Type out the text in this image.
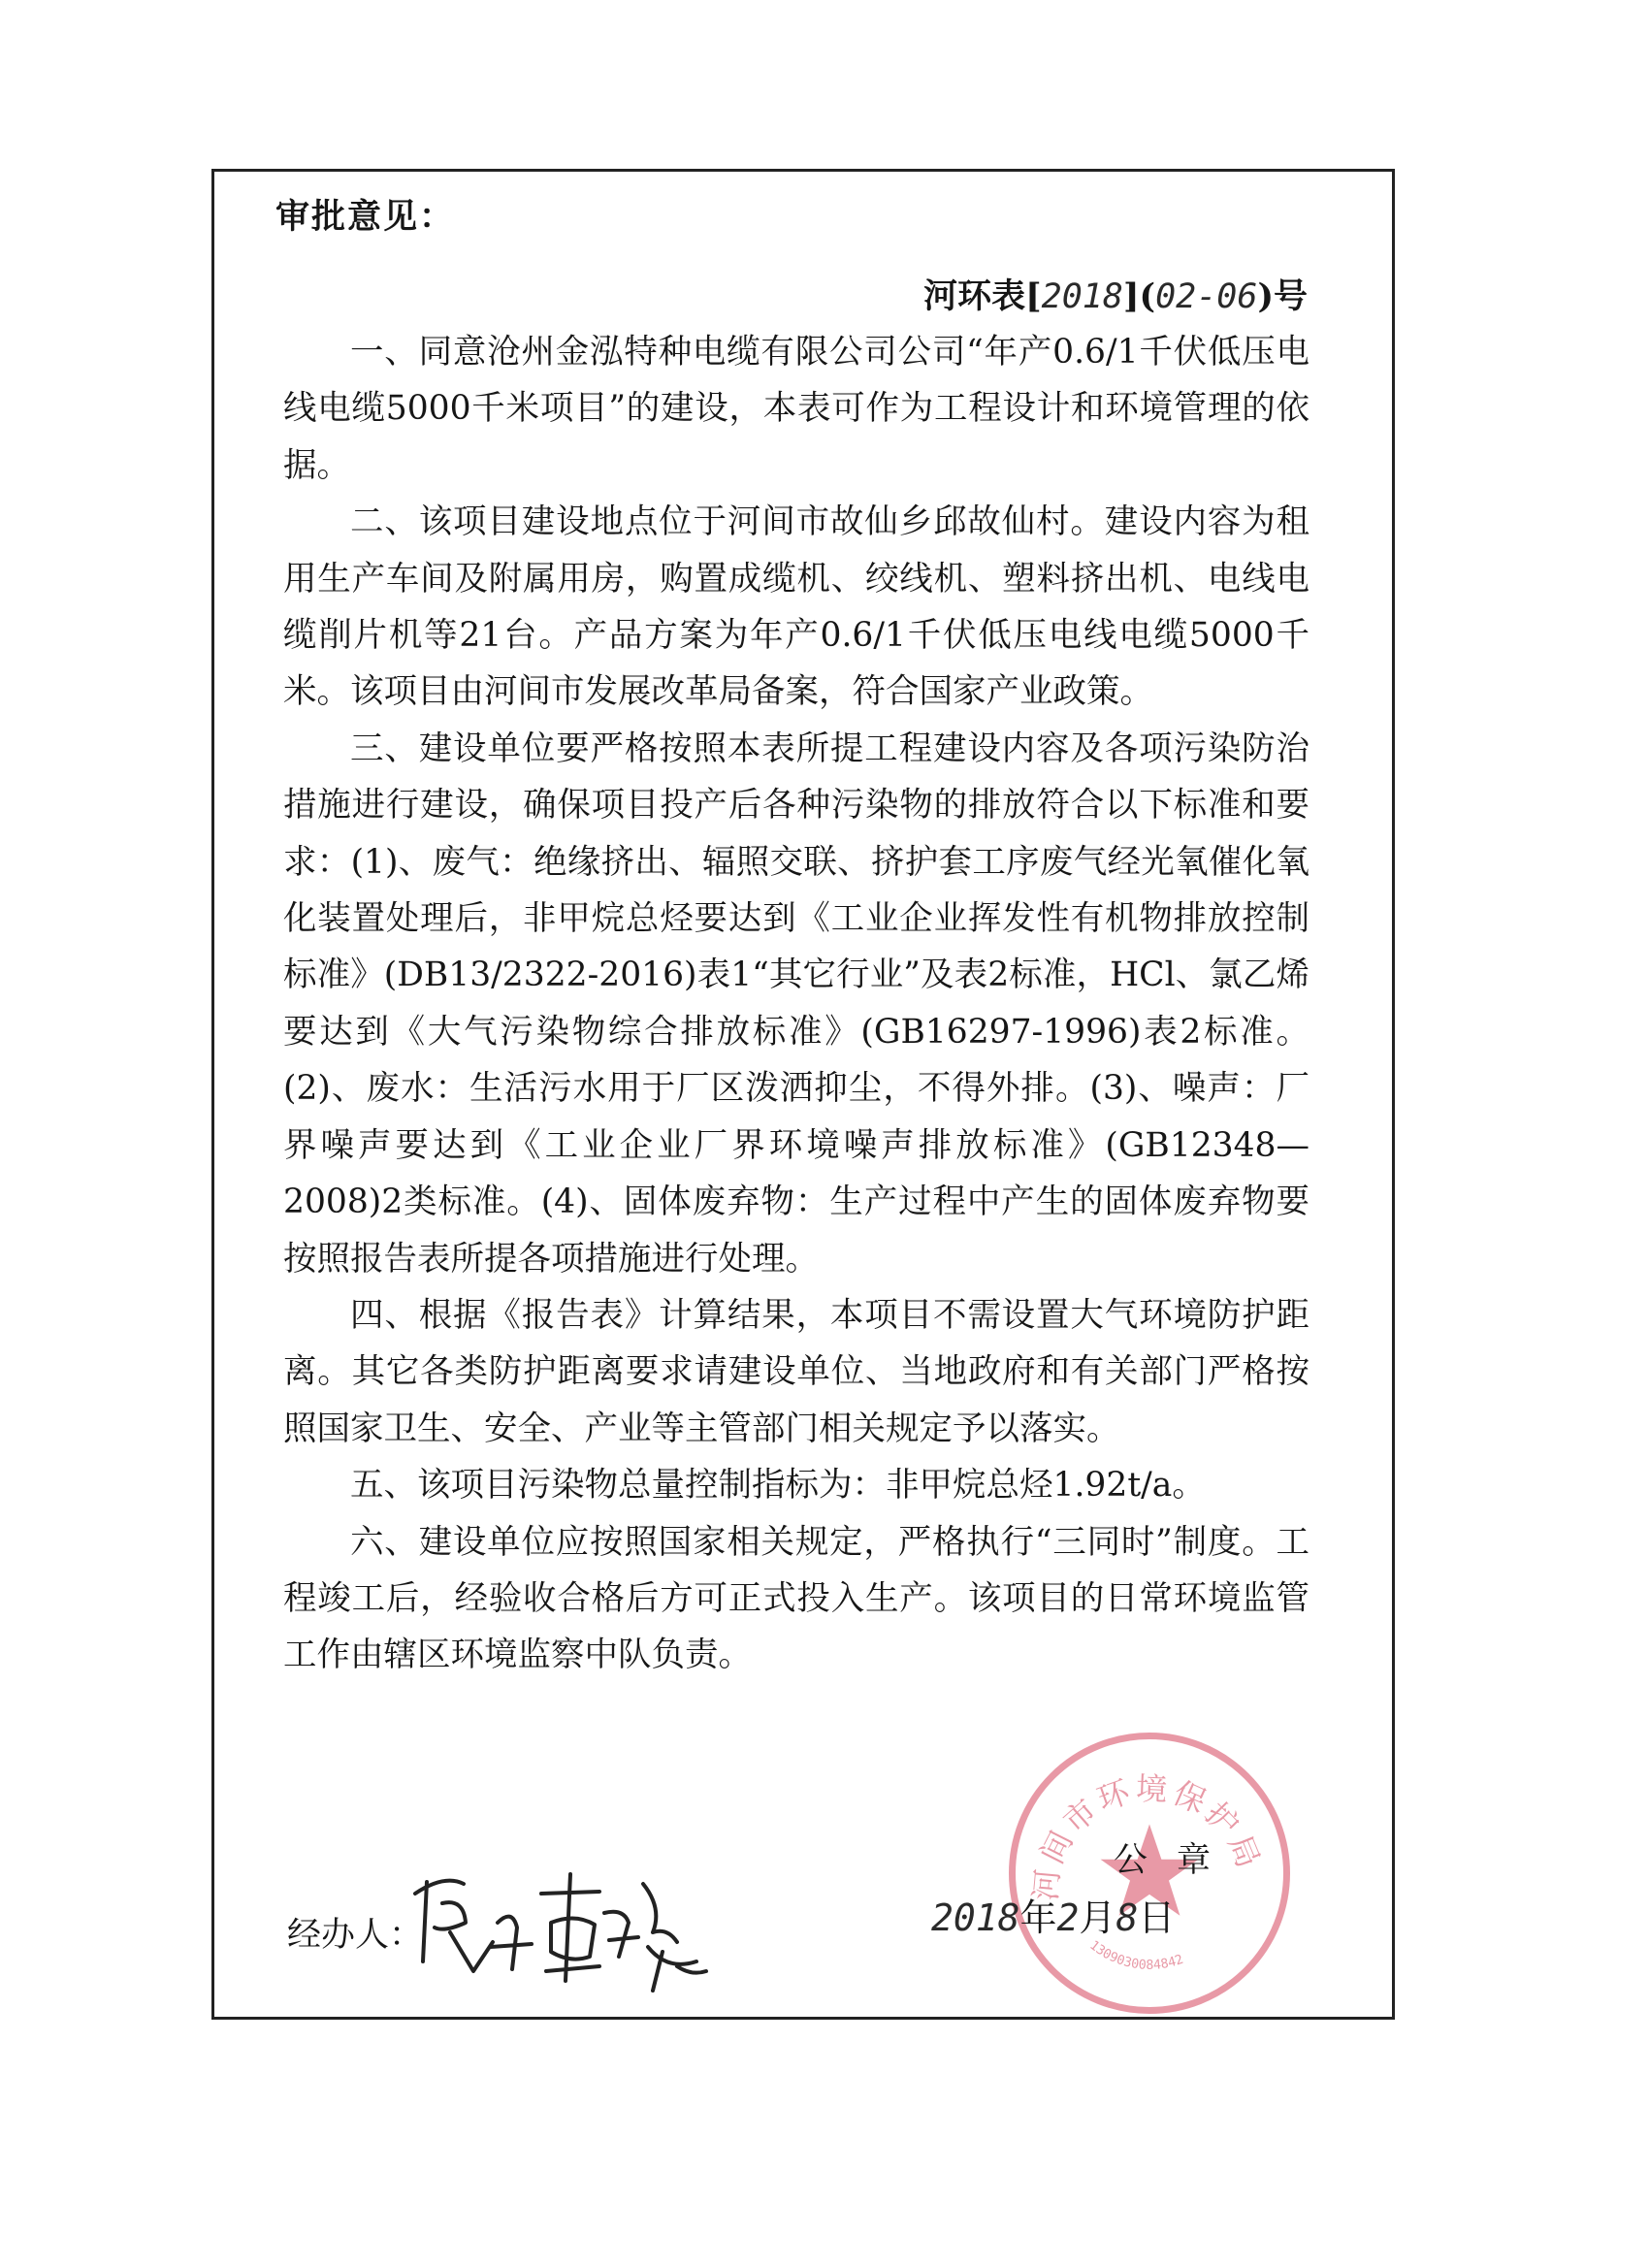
审批意见：
河环表[2018](02-06)号

一、同意沧州金泓特种电缆有限公司公司“年产0.6/1千伏低压电线电缆5000千米项目”的建设，本表可作为工程设计和环境管理的依据。

二、该项目建设地点位于河间市故仙乡邱故仙村。建设内容为租用生产车间及附属用房，购置成缆机、绞线机、塑料挤出机、电线电缆削片机等21台。产品方案为年产0.6/1千伏低压电线电缆5000千米。该项目由河间市发展改革局备案，符合国家产业政策。

三、建设单位要严格按照本表所提工程建设内容及各项污染防治措施进行建设，确保项目投产后各种污染物的排放符合以下标准和要求：(1)、废气：绝缘挤出、辐照交联、挤护套工序废气经光氧催化氧化装置处理后，非甲烷总烃要达到《工业企业挥发性有机物排放控制标准》(DB13/2322-2016)表1“其它行业”及表2标准，HCl、氯乙烯要达到《大气污染物综合排放标准》(GB16297-1996)表2标准。(2)、废水：生活污水用于厂区泼洒抑尘，不得外排。(3)、噪声：厂界噪声要达到《工业企业厂界环境噪声排放标准》(GB12348—2008)2类标准。(4)、固体废弃物：生产过程中产生的固体废弃物要按照报告表所提各项措施进行处理。

四、根据《报告表》计算结果，本项目不需设置大气环境防护距离。其它各类防护距离要求请建设单位、当地政府和有关部门严格按照国家卫生、安全、产业等主管部门相关规定予以落实。

五、该项目污染物总量控制指标为：非甲烷总烃1.92t/a。

六、建设单位应按照国家相关规定，严格执行“三同时”制度。工程竣工后，经验收合格后方可正式投入生产。该项目的日常环境监管工作由辖区环境监察中队负责。

河间市环境保护局
1309030084842
公章
经办人：	2018年2月8日
